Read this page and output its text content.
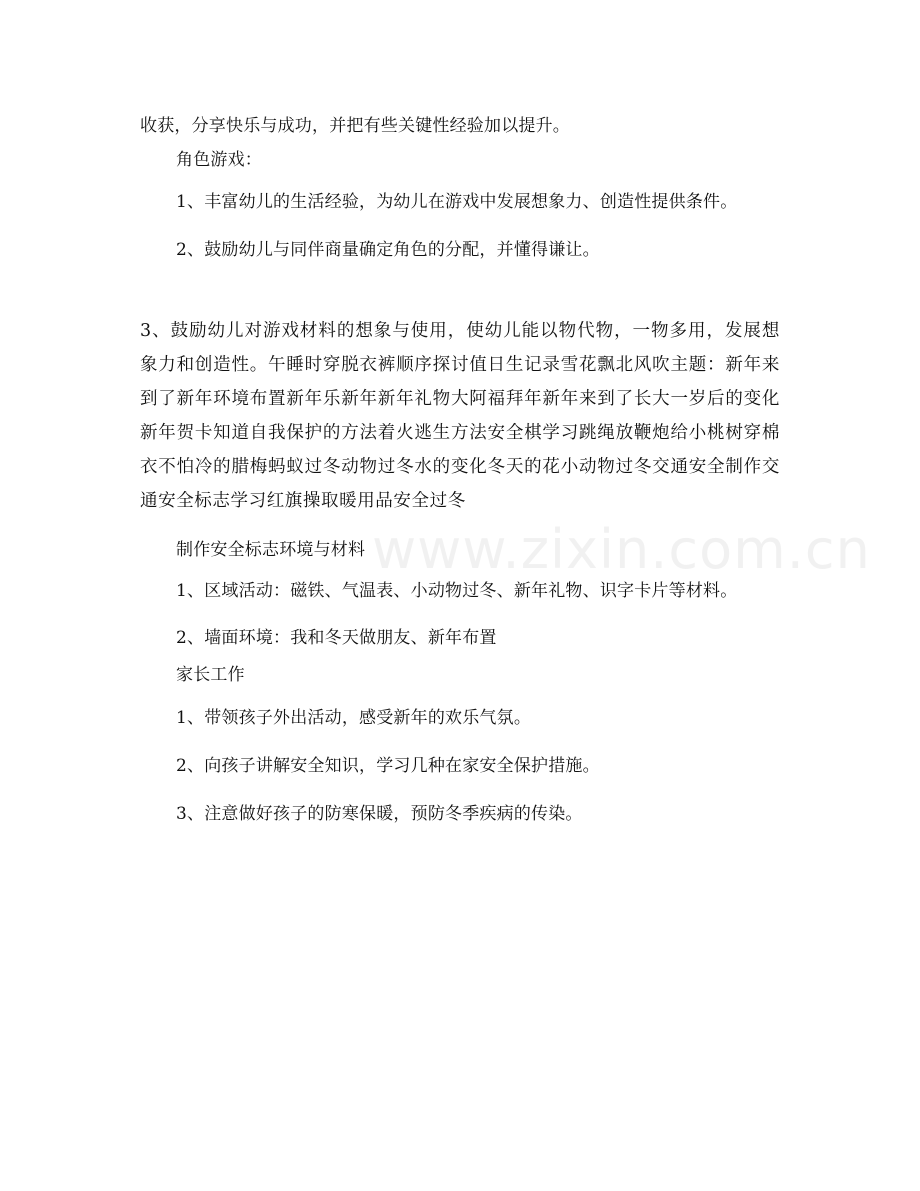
收获，分享快乐与成功，并把有些关键性经验加以提升。
角色游戏：
1、丰富幼儿的生活经验，为幼儿在游戏中发展想象力、创造性提供条件。
2、鼓励幼儿与同伴商量确定角色的分配，并懂得谦让。
3、鼓励幼儿对游戏材料的想象与使用，使幼儿能以物代物，一物多用，发展想象力和创造性。午睡时穿脱衣裤顺序探讨值日生记录雪花飘北风吹主题：新年来到了新年环境布置新年乐新年新年礼物大阿福拜年新年来到了长大一岁后的变化新年贺卡知道自我保护的方法着火逃生方法安全棋学习跳绳放鞭炮给小桃树穿棉衣不怕冷的腊梅蚂蚁过冬动物过冬水的变化冬天的花小动物过冬交通安全制作交通安全标志学习红旗操取暖用品安全过冬
制作安全标志环境与材料
1、区域活动：磁铁、气温表、小动物过冬、新年礼物、识字卡片等材料。
2、墙面环境：我和冬天做朋友、新年布置
家长工作
1、带领孩子外出活动，感受新年的欢乐气氛。
2、向孩子讲解安全知识，学习几种在家安全保护措施。
3、注意做好孩子的防寒保暖，预防冬季疾病的传染。
www.zixin.com.cn
